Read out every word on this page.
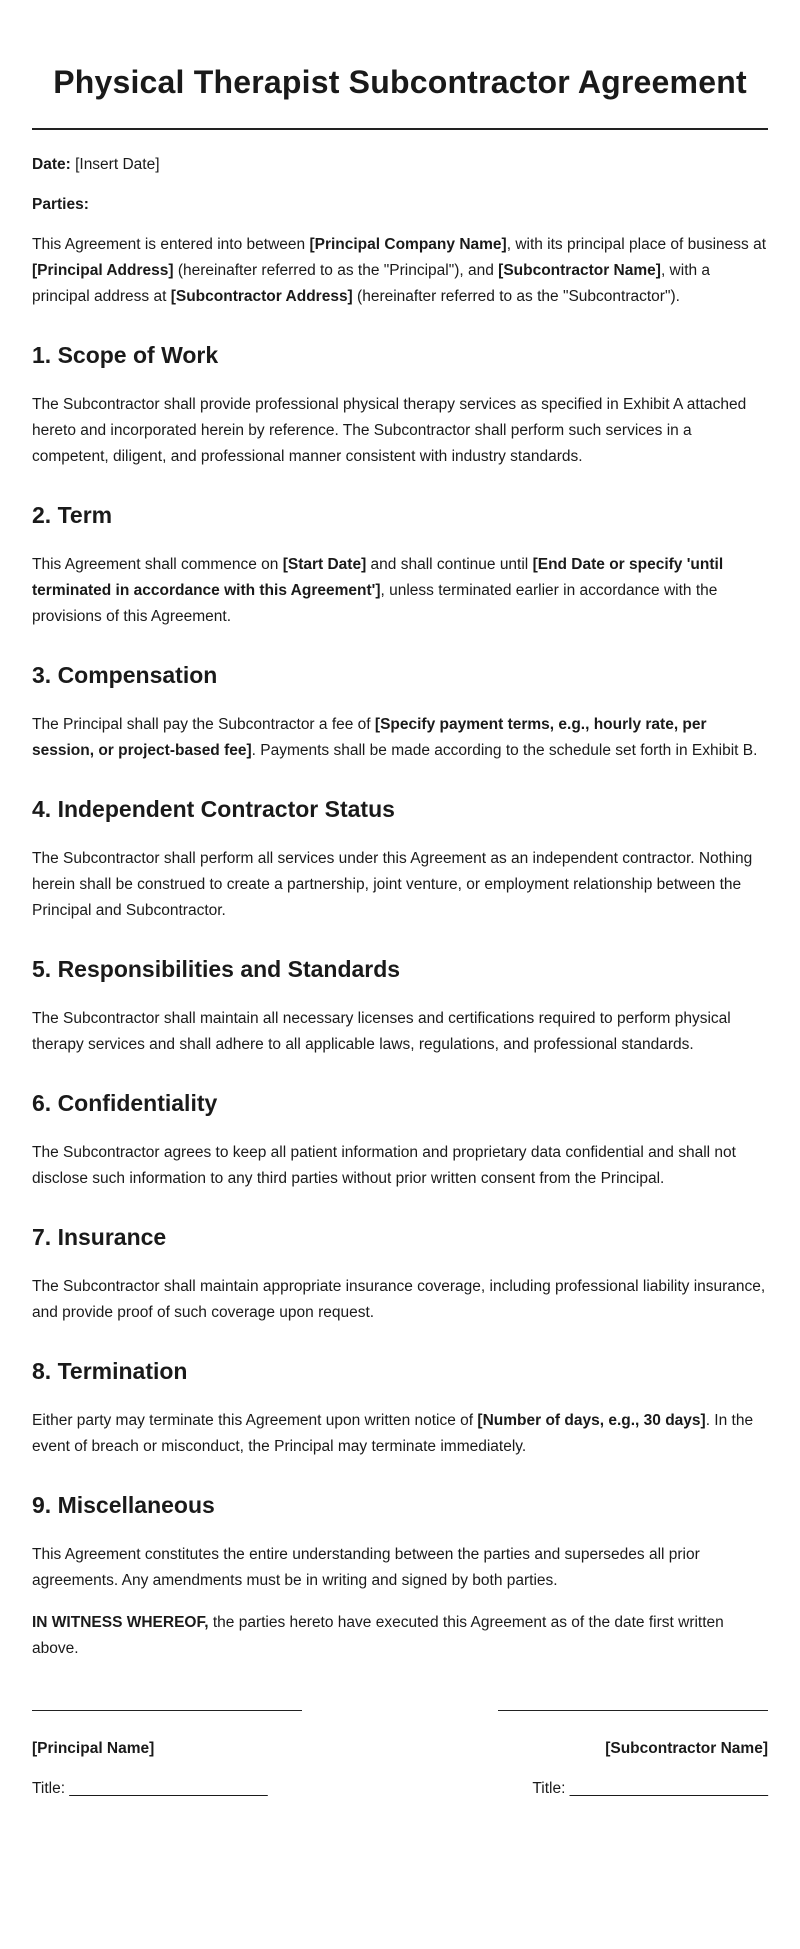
Physical Therapist Subcontractor Agreement

Date: [Insert Date]

Parties:

This Agreement is entered into between [Principal Company Name], with its principal place of business at [Principal Address] (hereinafter referred to as the "Principal"), and [Subcontractor Name], with a principal address at [Subcontractor Address] (hereinafter referred to as the "Subcontractor").

1. Scope of Work

The Subcontractor shall provide professional physical therapy services as specified in Exhibit A attached hereto and incorporated herein by reference. The Subcontractor shall perform such services in a competent, diligent, and professional manner consistent with industry standards.

2. Term

This Agreement shall commence on [Start Date] and shall continue until [End Date or specify 'until terminated in accordance with this Agreement'], unless terminated earlier in accordance with the provisions of this Agreement.

3. Compensation

The Principal shall pay the Subcontractor a fee of [Specify payment terms, e.g., hourly rate, per session, or project-based fee]. Payments shall be made according to the schedule set forth in Exhibit B.

4. Independent Contractor Status

The Subcontractor shall perform all services under this Agreement as an independent contractor. Nothing herein shall be construed to create a partnership, joint venture, or employment relationship between the Principal and Subcontractor.

5. Responsibilities and Standards

The Subcontractor shall maintain all necessary licenses and certifications required to perform physical therapy services and shall adhere to all applicable laws, regulations, and professional standards.

6. Confidentiality

The Subcontractor agrees to keep all patient information and proprietary data confidential and shall not disclose such information to any third parties without prior written consent from the Principal.

7. Insurance

The Subcontractor shall maintain appropriate insurance coverage, including professional liability insurance, and provide proof of such coverage upon request.

8. Termination

Either party may terminate this Agreement upon written notice of [Number of days, e.g., 30 days]. In the event of breach or misconduct, the Principal may terminate immediately.

9. Miscellaneous

This Agreement constitutes the entire understanding between the parties and supersedes all prior agreements. Any amendments must be in writing and signed by both parties.

IN WITNESS WHEREOF, the parties hereto have executed this Agreement as of the date first written above.

[Principal Name]	[Subcontractor Name]
Title: _______________________	Title: _______________________
